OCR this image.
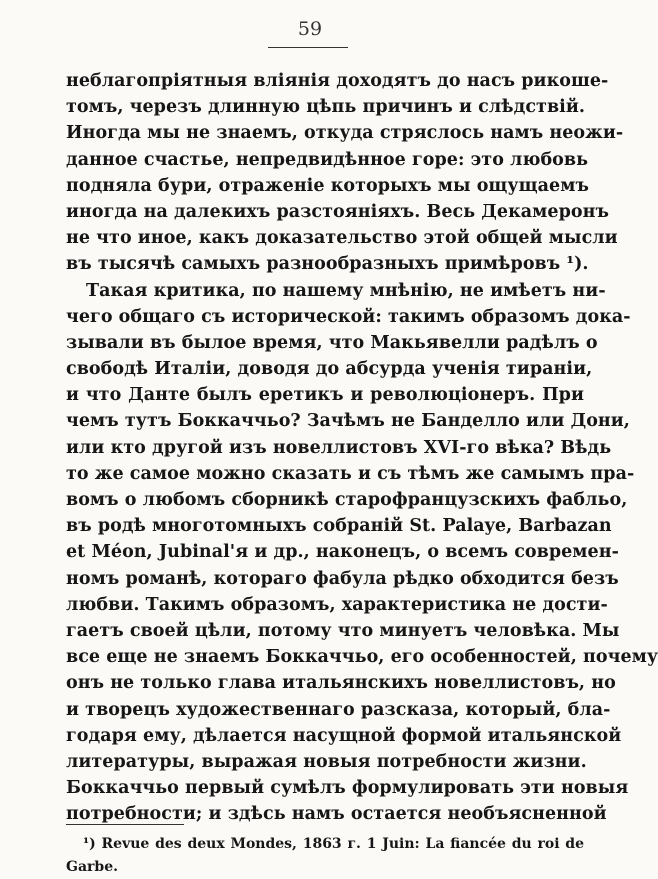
59
неблагопріятныя вліянія доходятъ до насъ рикоше-
томъ, черезъ длинную цѣпь причинъ и слѣдствій.
Иногда мы не знаемъ, откуда стряслось намъ неожи-
данное счастье, непредвидѣнное горе: это любовь
подняла бури, отраженіе которыхъ мы ощущаемъ
иногда на далекихъ разстояніяхъ. Весь Декамеронъ
не что иное, какъ доказательство этой общей мысли
въ тысячѣ самыхъ разнообразныхъ примѣровъ ¹).
Такая критика, по нашему мнѣнію, не имѣетъ ни-
чего общаго съ исторической: такимъ образомъ дока-
зывали въ былое время, что Макьявелли радѣлъ о
свободѣ Италіи, доводя до абсурда ученія тираніи,
и что Данте былъ еретикъ и революціонеръ. При
чемъ тутъ Боккаччьо? Зачѣмъ не Банделло или Дони,
или кто другой изъ новеллистовъ XVI-го вѣка? Вѣдь
то же самое можно сказать и съ тѣмъ же самымъ пра-
вомъ о любомъ сборникѣ старофранцузскихъ фабльо,
въ родѣ многотомныхъ собраній St. Palaye, Barbazan
et Méon, Jubinal'я и др., наконецъ, о всемъ современ-
номъ романѣ, котораго фабула рѣдко обходится безъ
любви. Такимъ образомъ, характеристика не дости-
гаетъ своей цѣли, потому что минуетъ человѣка. Мы
все еще не знаемъ Боккаччьо, его особенностей, почему
онъ не только глава итальянскихъ новеллистовъ, но
и творецъ художественнаго разсказа, который, бла-
годаря ему, дѣлается насущной формой итальянской
литературы, выражая новыя потребности жизни.
Боккаччьо первый сумѣлъ формулировать эти новыя
потребности; и здѣсь намъ остается необъясненной
¹) Revue des deux Mondes, 1863 г. 1 Juin: La fiancée du roi de
Garbe.
